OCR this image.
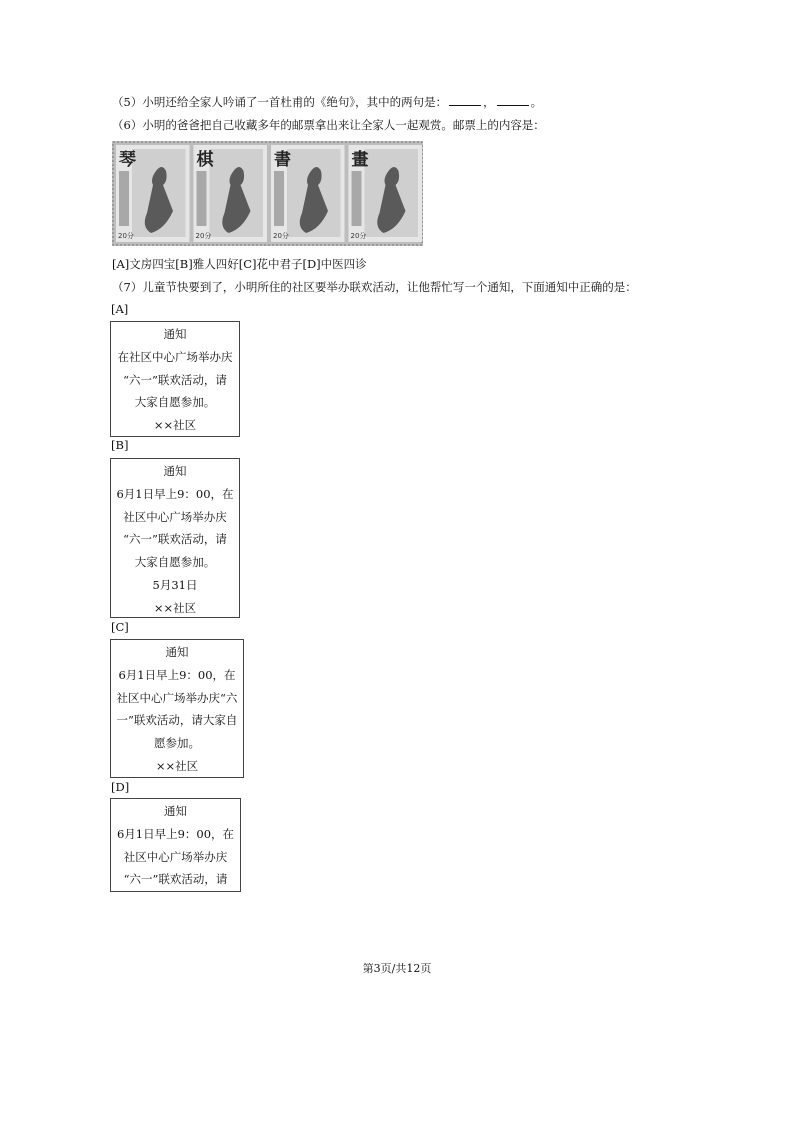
（5）小明还给全家人吟诵了一首杜甫的《绝句》，其中的两句是：	，	。
（6）小明的爸爸把自己收藏多年的邮票拿出来让全家人一起观赏。邮票上的内容是：
琴
20分
棋
20分
書
20分
畫
20分
[A]文房四宝[B]雅人四好[C]花中君子[D]中医四诊
（7）儿童节快要到了，小明所住的社区要举办联欢活动，让他帮忙写一个通知，下面通知中正确的是：
[A]
通知
在社区中心广场举办庆
“六一”联欢活动，请
大家自愿参加。
××社区
[B]
通知
6月1日早上9：00，在
社区中心广场举办庆
“六一”联欢活动，请
大家自愿参加。
5月31日
××社区
[C]
通知
6月1日早上9：00，在
社区中心广场举办庆“六
一”联欢活动，请大家自
愿参加。
××社区
[D]
通知
6月1日早上9：00，在
社区中心广场举办庆
“六一”联欢活动，请
第3页/共12页
